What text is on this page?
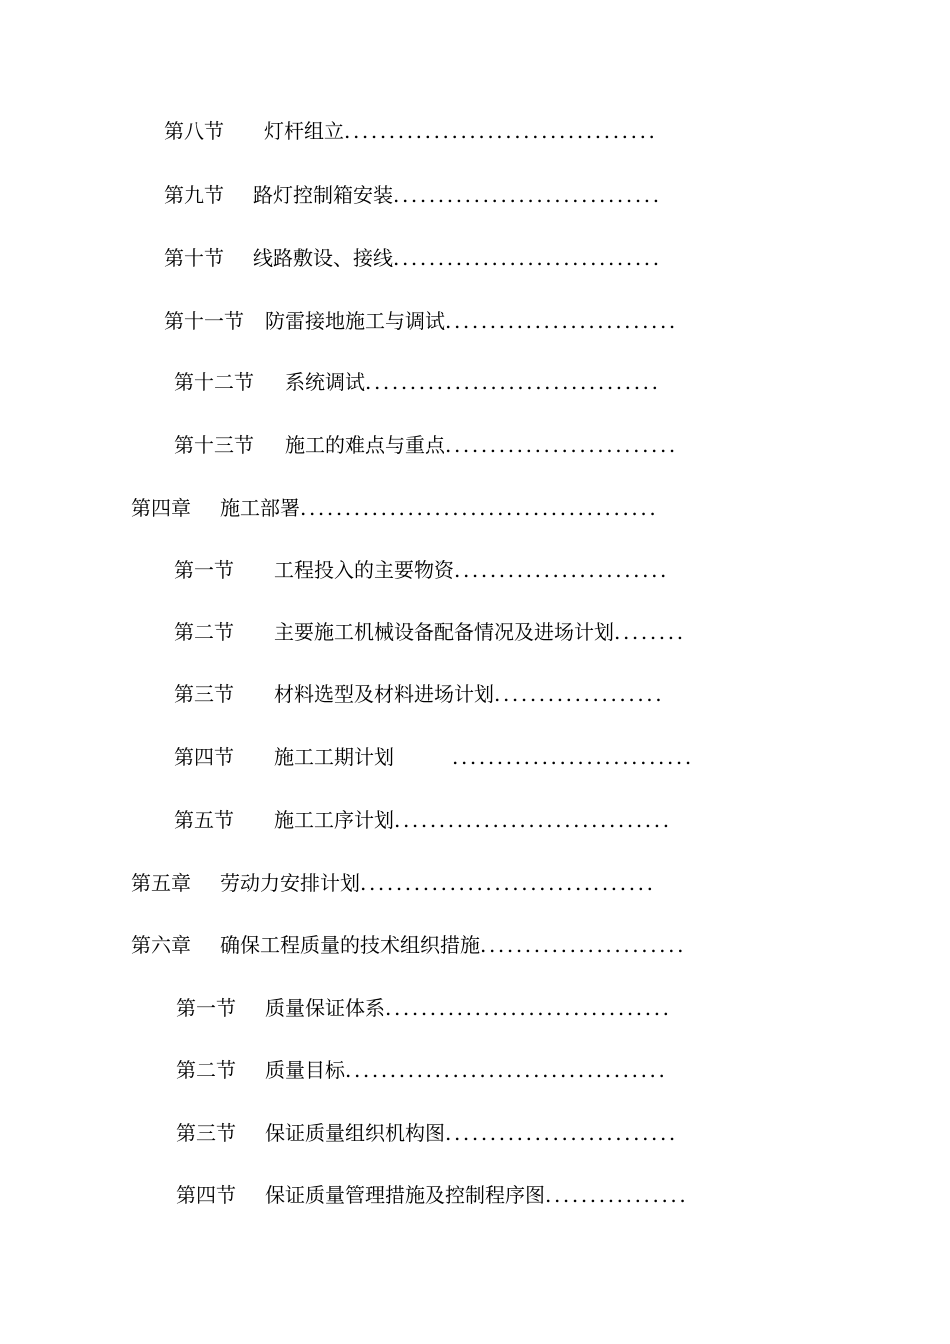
第八节 灯杆组立...................................
第九节 路灯控制箱安装..............................
第十节 线路敷设、接线..............................
第十一节 防雷接地施工与调试..........................
第十二节 系统调试.................................
第十三节 施工的难点与重点..........................
第四章 施工部署........................................
第一节 工程投入的主要物资........................
第二节 主要施工机械设备配备情况及进场计划........
第三节 材料选型及材料进场计划...................
第四节 施工工期计划	...........................
第五节 施工工序计划...............................
第五章 劳动力安排计划.................................
第六章 确保工程质量的技术组织措施.......................
第一节 质量保证体系................................
第二节 质量目标....................................
第三节 保证质量组织机构图..........................
第四节 保证质量管理措施及控制程序图................
